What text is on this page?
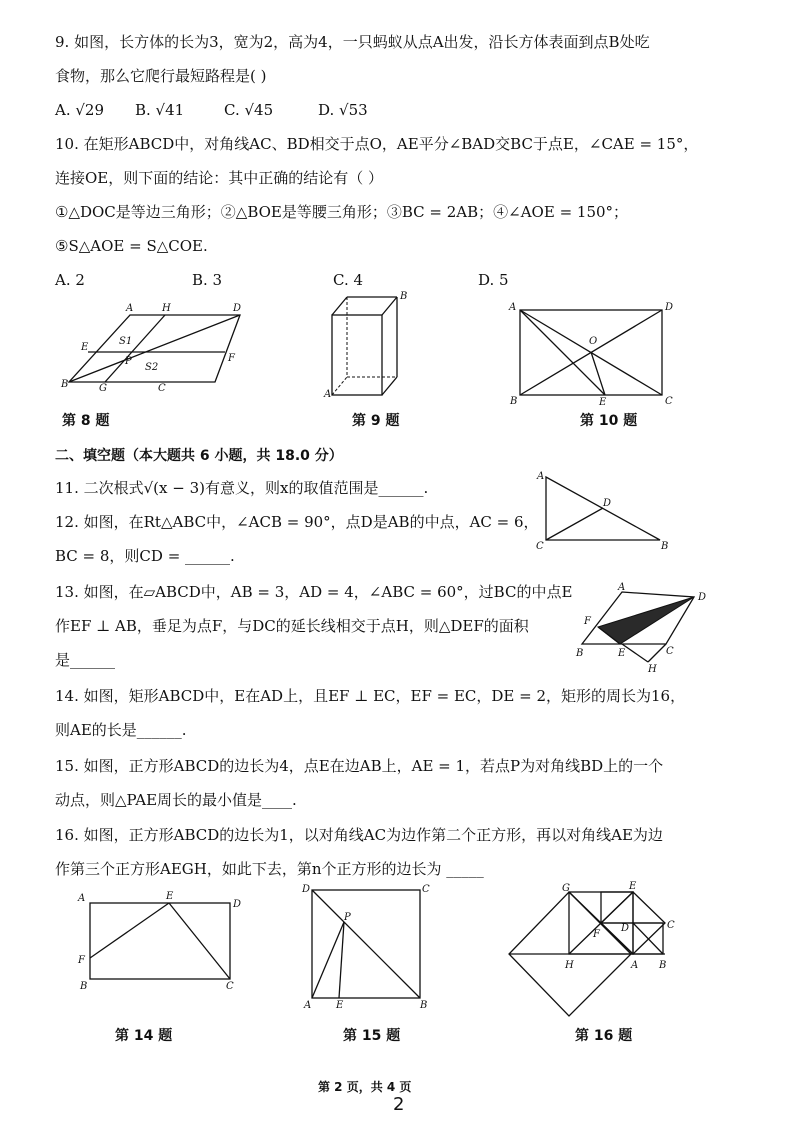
9. 如图，长方体的长为3，宽为2，高为4，一只蚂蚁从点A出发，沿长方体表面到点B处吃
食物，那么它爬行最短路程是( )
A. √29 B. √41	C. √45	D. √53
10. 在矩形ABCD中，对角线AC、BD相交于点O，AE平分∠BAD交BC于点E，∠CAE = 15°，
连接OE，则下面的结论：其中正确的结论有（ ）
①△DOC是等边三角形；②△BOE是等腰三角形；③BC = 2AB；④∠AOE = 150°；
⑤S△AOE = S△COE.
A. 2	B. 3	C. 4	D. 5
A	H	D
E
S1
P
S2
F
B	G	C
第 8 题
B
A
第 9 题
A	D
O
B	E	C
第 10 题
二、填空题（本大题共 6 小题，共 18.0 分）
11. 二次根式√(x − 3)有意义，则x的取值范围是______.
12. 如图，在Rt△ABC中，∠ACB = 90°，点D是AB的中点，AC = 6，
BC = 8，则CD = ______.
A
D
C	B
13. 如图，在▱ABCD中，AB = 3，AD = 4，∠ABC = 60°，过BC的中点E
作EF ⊥ AB，垂足为点F，与DC的延长线相交于点H，则△DEF的面积
是______
A
D
F
B	E	C
H
14. 如图，矩形ABCD中，E在AD上，且EF ⊥ EC，EF = EC，DE = 2，矩形的周长为16，
则AE的长是______.
15. 如图，正方形ABCD的边长为4，点E在边AB上，AE = 1，若点P为对角线BD上的一个
动点，则△PAE周长的最小值是____.
16. 如图，正方形ABCD的边长为1，以对角线AC为边作第二个正方形，再以对角线AE为边
作第三个正方形AEGH，如此下去，第n个正方形的边长为 _____
A	E
D
F
B	C
第 14 题
D	C
P
A E	B
第 15 题
G	E
C
F
D
H	A B
第 16 题
第 2 页，共 4 页
2
